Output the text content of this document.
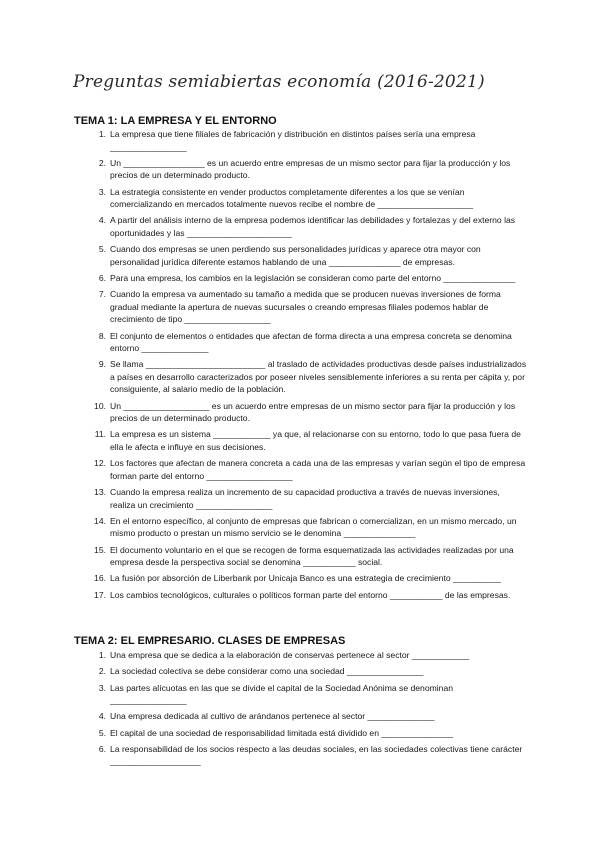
Preguntas semiabiertas economía (2016-2021)
TEMA 1: LA EMPRESA Y EL ENTORNO
1. La empresa que tiene filiales de fabricación y distribución en distintos países sería una empresa ________________
2. Un _________________ es un acuerdo entre empresas de un mismo sector para fijar la producción y los precios de un determinado producto.
3. La estrategia consistente en vender productos completamente diferentes a los que se venían comercializando en mercados totalmente nuevos recibe el nombre de ____________________
4. A partir del análisis interno de la empresa podemos identificar las debilidades y fortalezas y del externo las oportunidades y las ______________________
5. Cuando dos empresas se unen perdiendo sus personalidades jurídicas y aparece otra mayor con personalidad jurídica diferente estamos hablando de una _______________ de empresas.
6. Para una empresa, los cambios en la legislación se consideran como parte del entorno _______________
7. Cuando la empresa va aumentado su tamaño a medida que se producen nuevas inversiones de forma gradual mediante la apertura de nuevas sucursales o creando empresas filiales podemos hablar de crecimiento de tipo __________________
8. El conjunto de elementos o entidades que afectan de forma directa a una empresa concreta se denomina entorno ______________
9. Se llama _________________________ al traslado de actividades productivas desde países industrializados a países en desarrollo caracterizados por poseer niveles sensiblemente inferiores a su renta per cápita y, por consiguiente, al salario medio de la población.
10. Un __________________ es un acuerdo entre empresas de un mismo sector para fijar la producción y los precios de un determinado producto.
11. La empresa es un sistema ____________ ya que, al relacionarse con su entorno, todo lo que pasa fuera de ella le afecta e influye en sus decisiones.
12. Los factores que afectan de manera concreta a cada una de las empresas y varían según el tipo de empresa forman parte del entorno __________________
13. Cuando la empresa realiza un incremento de su capacidad productiva a través de nuevas inversiones, realiza un crecimiento ________________
14. En el entorno específico, al conjunto de empresas que fabrican o comercializan, en un mismo mercado, un mismo producto o prestan un mismo servicio se le denomina _______________
15. El documento voluntario en el que se recogen de forma esquematizada las actividades realizadas por una empresa desde la perspectiva social se denomina ___________ social.
16. La fusión por absorción de Liberbank por Unicaja Banco es una estrategia de crecimiento __________
17. Los cambios tecnológicos, culturales o políticos forman parte del entorno ___________ de las empresas.
TEMA 2: EL EMPRESARIO. CLASES DE EMPRESAS
1. Una empresa que se dedica a la elaboración de conservas pertenece al sector ____________
2. La sociedad colectiva se debe considerar como una sociedad ________________
3. Las partes alícuotas en las que se divide el capital de la Sociedad Anónima se denominan ________________
4. Una empresa dedicada al cultivo de arándanos pertenece al sector ______________
5. El capital de una sociedad de responsabilidad limitada está dividido en _______________
6. La responsabilidad de los socios respecto a las deudas sociales, en las sociedades colectivas tiene carácter ___________________
